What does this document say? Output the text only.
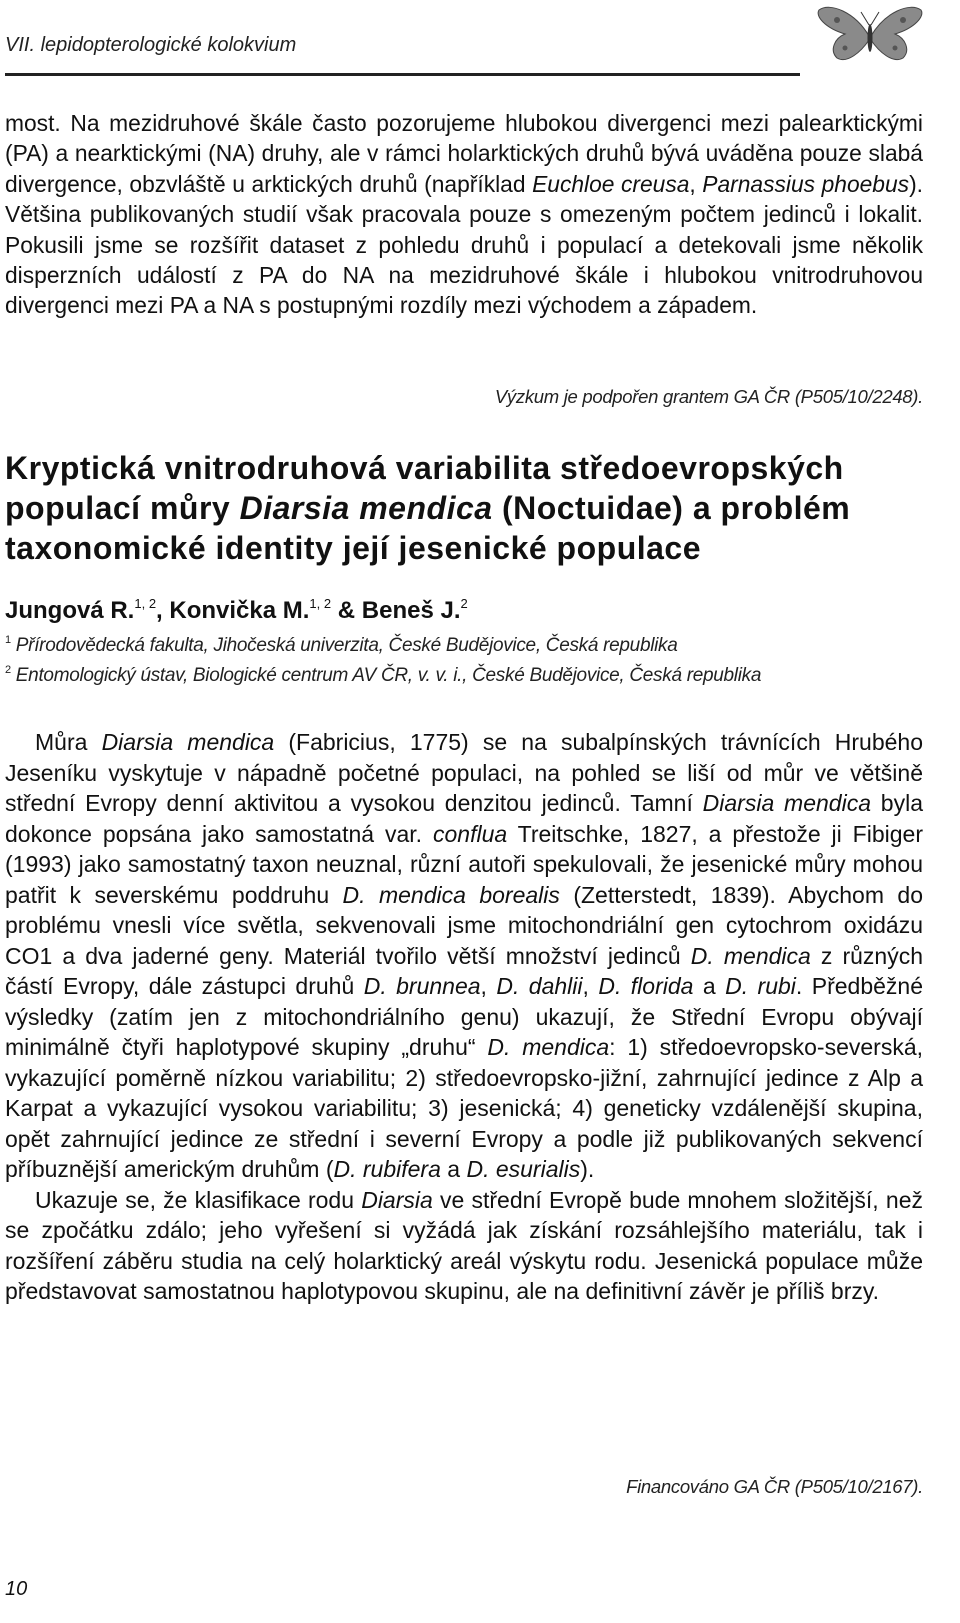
VII. lepidopterologické kolokvium

most. Na mezidruhové škále často pozorujeme hlubokou divergenci mezi palearktickými (PA) a nearktickými (NA) druhy, ale v rámci holarktických druhů bývá uváděna pouze slabá divergence, obzvláště u arktických druhů (například Euchloe creusa, Parnassius phoebus). Většina publikovaných studií však pracovala pouze s omezeným počtem jedinců i lokalit. Pokusili jsme se rozšířit dataset z pohledu druhů i populací a detekovali jsme několik disperzních událostí z PA do NA na mezidruhové škále i hlubokou vnitrodruhovou divergenci mezi PA a NA s postupnými rozdíly mezi východem a západem.

Výzkum je podpořen grantem GA ČR (P505/10/2248).
Kryptická vnitrodruhová variabilita středoevropských populací můry Diarsia mendica (Noctuidae) a problém taxonomické identity její jesenické populace

Jungová R.$^{1, 2}$, Konvička M.$^{1, 2}$ & Beneš J.$^2$

$^1$ Přírodovědecká fakulta, Jihočeská univerzita, České Budějovice, Česká republika
$^2$ Entomologický ústav, Biologické centrum AV ČR, v. v. i., České Budějovice, Česká republika

Můra Diarsia mendica (Fabricius, 1775) se na subalpínských trávnících Hrubého Jeseníku vyskytuje v nápadně početné populaci, na pohled se liší od můr ve většině střední Evropy denní aktivitou a vysokou denzitou jedinců. Tamní Diarsia mendica byla dokonce popsána jako samostatná var. conflua Treitschke, 1827, a přestože ji Fibiger (1993) jako samostatný taxon neuznal, různí autoři spekulovali, že jesenické můry mohou patřit k severskému poddruhu D. mendica borealis (Zetterstedt, 1839). Abychom do problému vnesli více světla, sekvenovali jsme mitochondriální gen cytochrom oxidázu CO1 a dva jaderné geny. Materiál tvořilo větší množství jedinců D. mendica z různých částí Evropy, dále zástupci druhů D. brunnea, D. dahlii, D. florida a D. rubi. Předběžné výsledky (zatím jen z mitochondriálního genu) ukazují, že Střední Evropu obývají minimálně čtyři haplotypové skupiny „druhu“ D. mendica: 1) středoevropsko-severská, vykazující poměrně nízkou variabilitu; 2) středoevropsko-jižní, zahrnující jedince z Alp a Karpat a vykazující vysokou variabilitu; 3) jesenická; 4) geneticky vzdálenější skupina, opět zahrnující jedince ze střední i severní Evropy a podle již publikovaných sekvencí příbuznější americkým druhům (D. rubifera a D. esurialis).

Ukazuje se, že klasifikace rodu Diarsia ve střední Evropě bude mnohem složitější, než se zpočátku zdálo; jeho vyřešení si vyžádá jak získání rozsáhlejšího materiálu, tak i rozšíření záběru studia na celý holarktický areál výskytu rodu. Jesenická populace může představovat samostatnou haplotypovou skupinu, ale na definitivní závěr je příliš brzy.

Financováno GA ČR (P505/10/2167).
10
